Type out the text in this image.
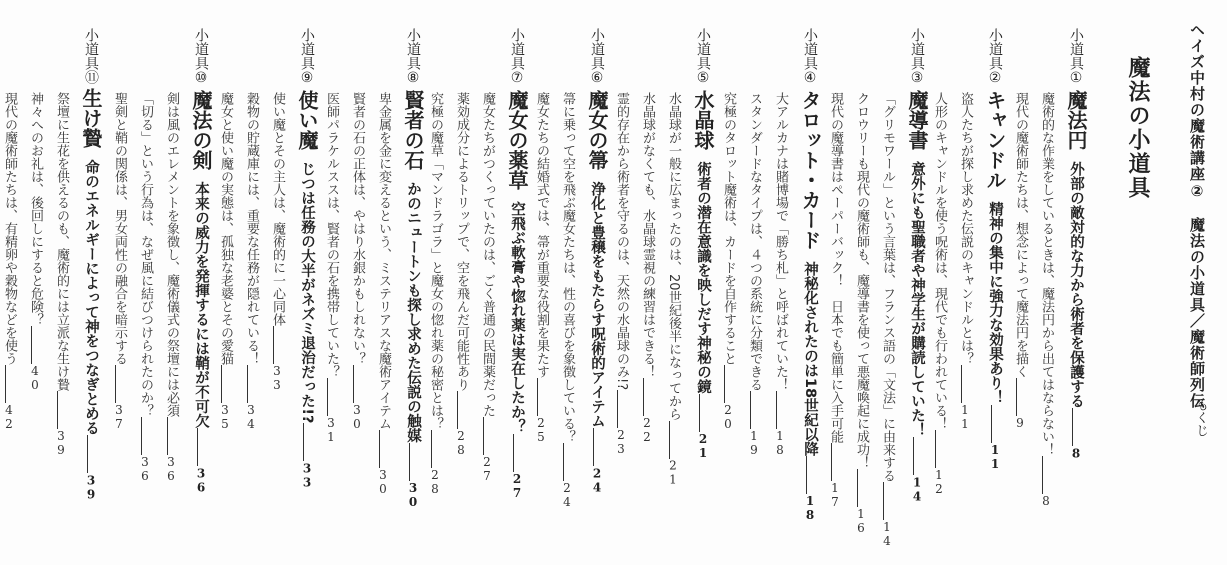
ヘイズ中村の魔術講座②　魔法の小道具／魔術師列伝
もくじ
魔法の小道具
小道具①魔法円 外部の敵対的な力から術者を保護する8
魔術的な作業をしているときは、魔法円から出てはならない！8
現代の魔術師たちは、想念によって魔法円を描く9
小道具②キャンドル 精神の集中に強力な効果あり！11
盗人たちが探し求めた伝説のキャンドルとは？11
人形のキャンドルを使う呪術は、現代でも行われている！12
小道具③魔導書 意外にも聖職者や神学生が購読していた！14
「グリモワール」という言葉は、フランス語の「文法」に由来する14
クロウリーも現代の魔術師も、魔導書を使って悪魔喚起に成功！16
現代の魔導書はペーパーバック！　日本でも簡単に入手可能17
小道具④タロット・カード 神秘化されたのは18世紀以降18
大アルカナは賭博場で「勝ち札」と呼ばれていた！18
スタンダードなタイプは、４つの系統に分類できる19
究極のタロット魔術は、カードを自作すること20
小道具⑤水晶球 術者の潜在意識を映しだす神秘の鏡21
水晶球が一般に広まったのは、20世紀後半になってから21
水晶球がなくても、水晶球霊視の練習はできる！22
霊的存在から術者を守るのは、天然の水晶球のみ!?23
小道具⑥魔女の箒 浄化と豊穣をもたらす呪術的アイテム24
箒に乗って空を飛ぶ魔女たちは、性の喜びを象徴している？24
魔女たちの結婚式では、箒が重要な役割を果たす25
小道具⑦魔女の薬草 空飛ぶ軟膏や惚れ薬は実在したか？27
魔女たちがつくっていたのは、ごく普通の民間薬だった27
薬効成分によるトリップで、空を飛んだ可能性あり28
究極の魔草「マンドラゴラ」と魔女の惚れ薬の秘密とは？28
小道具⑧賢者の石 かのニュートンも探し求めた伝説の触媒30
卑金属を金に変えるという、ミステリアスな魔術アイテム30
賢者の石の正体は、やはり水銀かもしれない？30
医師パラケルススは、賢者の石を携帯していた？31
小道具⑨使い魔 じつは任務の大半がネズミ退治だった!?33
使い魔とその主人は、魔術的に一心同体33
穀物の貯蔵庫には、重要な任務が隠れている！34
魔女と使い魔の実態は、孤独な老婆とその愛猫35
小道具⑩魔法の剣 本来の威力を発揮するには鞘が不可欠36
剣は風のエレメントを象徴し、魔術儀式の祭壇には必須36
「切る」という行為は、なぜ風に結びつけられたのか？36
聖剣と鞘の関係は、男女両性の融合を暗示する37
小道具⑪生け贄 命のエネルギーによって神をつなぎとめる39
祭壇に生花を供えるのも、魔術的には立派な生け贄39
神々へのお礼は、後回しにすると危険？40
現代の魔術師たちは、有精卵や穀物などを使う42
